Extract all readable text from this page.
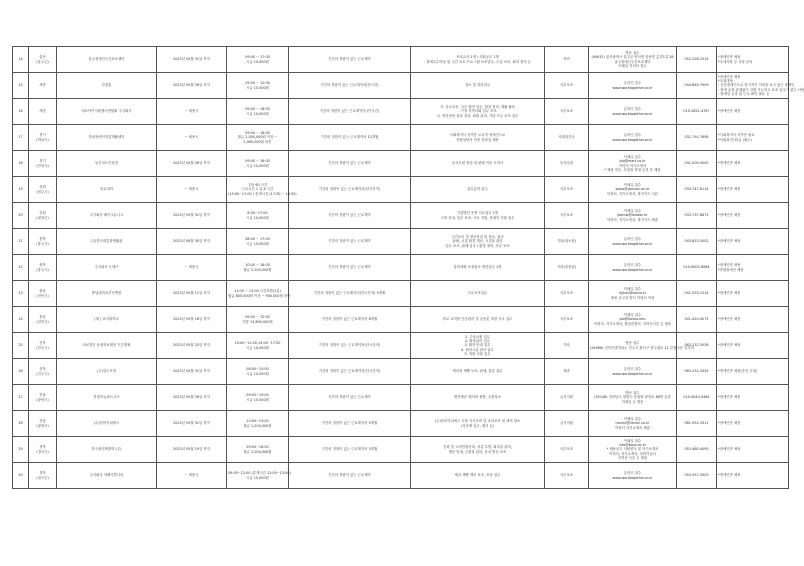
14	울산
(울주군)	울주장애인주간보호센터	2023년 05월 31일 까지	09:00 ~ 17:00
시급 10,000원	기간의 정함이 있는 근로계약	보조교사 1명 / 사회공무 1명
- 장애특수아동 및 주간 보호 프로그램 보조업무, 수업 보조, 회의 참석 등	학력	방문 접수
(44931) 울산광역시 울주군 양산면 삼남면 분경1길 28
울주장애인주간보호센터
이메일 이력서 접수	052-226-1515	*장애인만 채용
*우대사항 등 기타 문의

15	세종	한결홈	2023년 05월 26일 까지	09:00 ~ 12:00
시급 10,000원	기간의 정함이 있는 근로계약서(단시간)	청소 및 정리업무	사무보조	온라인 접수
www.worktogether.or.kr	044-863-7909	*장애인만 채용
*모집대상
- 중증장애인으로 장기적인 이력을 보고 있는 장애인
- 장애 유형 관계없이 지원 가능하고 보조 업무가 없는 사람
- 장애인 등록 및 근로 확인 필요 등

16	세종	대소아이지원센터연합회 주식회사	~ 채용시	09:00 ~ 18:00
시급 10,000원	기간의 정함이 있는 근로계약서 (단시간)	가. 사무보조, 사무 행정 업무, 월말 정리, 재활 활동
- 가정 지역사회 업무 보조
나. 방문상담 결과 정리, 회원 관리, 기타 사무 보조 업무	사무보조	온라인 접수
www.worktogether.or.kr	010-2851-4767	*장애인만 채용

17	경기
(하남시)	하남장애인직업재활센터	~ 채용시	09:00 ~ 18:00
월급 2,000,000원 이상 ~
2,060,000원 미만	기간의 정함이 있는 근로계약서 12개월	사회복지사 자격증 보유자 장애인으로
종합상담사 직종 상담업 채용	사회복지사	온라인 접수
www.worktogether.or.kr	031-791-7606	*사회복지사 자격증 필요
*사회복지사2급 (필수)

18	경기
(안성시)	동부마트안성점	2023년 05월 26일 까지	09:00 ~ 18:00
시급 10,000원	기간의 정함이 있는 근로계약	동사무원 영업 내 판매 이동 고객사	동사무원	이메일 접수
job@mart.co.kr
이력서 자기소개서
* 채용 직무, 사업장 명칭 등록 후 제출	031-000-0000	*장애인만 채용

19	강원
(원주시)	파로대학	~ 채용시	주당 60 시간
근로시간 1 일 8 시간
(13:00~17:00 ) 휴게시간 (17:30 ~ 18:30)	기간의 정함이 있는 근로계약서(단시간직)	업무분야 업무	사무보조	이메일 접수
sjkoo@gachon.ac.kr
이력서, 자기소개서, 복지카드 사본	033-747-8114	*장애인만 채용

20	강원
(평창군)	주식회사 레이크유니크	2023년 05월 31일 까지	8:00~17:00
시급 10,000원	기간의 정함이 있는 근로계약	기업발단 운영 사무업무 1명
고객 응대, 업무 보조, 사무 지원, 장애인 지원 업무	사무보조	이메일 접수
jobmw@leadon.kr
이력서, 자기소개서, 복지카드 제출	033-737-8873	*장애인만 채용

21	충북
(충주시)	(주)한신대통합생활관	2023년 06월 30일 까지	08:00 ~ 17:00
시급 10,000원	기간의 정함이 있는 근로계약	주간보호 및 생산작업 및 청소, 관리
판매, 시설 환경 개선, 시설물 관리
업무 보조, 판매 업무 / 환경 정비, 사무 보조	기타(청소원)	온라인 접수
www.worktogether.or.kr	043-853-0002	*장애인만 채용

22	충북
(충주시)	주식회사 우렌즈	~ 채용시	10:00 ~ 18:00
월급 2,200,000원	기간의 정함이 있는 근로계약	블록대량 포장업소 생산업무 1명	기타(출장업)	온라인 접수
www.worktogether.or.kr	010-9002-8084	*장애인만 채용
*종합장애인 채용

23	충남
(천안시)	충남대학교부속병원	2023년 05월 11일 까지	11:00 ~ 13:00 시간표별(1일)
월급 800,000원 이상 ~ 900,000원 미만	기간의 정함이 있는 근로계약서(단시간직) 3개월	사무보조업무	사무보조	이메일 접수
hjjhos@korea.kr
채용 공고상 양식 이력서 작성	041-533-1514	*장애인만 채용

24	충남
(천안시)	(재 ) 호서대학교	2023년 05월 16일 까지	09:00 ~ 12:00
연봉 13,800,000원	기간의 정함이 있는 근로계약서 8개월	학교 교직원 인증관리 및 공문분 대장 사무 업무	사무보조	이메일 접수
job@hoseo.edu
이력서, 자기소개서, 졸업증명서, 자격증사본 등 제출	041-420-4075	*장애인만 채용

25	전북
(전주시)	의료법인 동원의료재단 전주병원	2023년 05월 25일 까지	10:00~12:00,13:00~17:00
시급 10,000원	기간의 정함이 있는 근로계약서(단시간직)	1. 주차요원 업무
2. 환자관리 업무
3. 환자 안내 업무
4. 편의시설 관리 업무
5. 직원 지원 업무	기타	방문 접수
(54966) 전북특별자치도 전주시 완산구 한두평로 11 본원 2층 인사과	063-232-5036	*장애인만 채용

26	전북
(전주시)	(주)밀도브릴	2023년 05월 31일 까지	08:00~15:00
시급 10,000원	기간의 정함이 있는 근로계약서(단시간직)	제과점 제빵 보조, 판매, 물류 업무	제과	온라인 접수
www.worktogether.or.kr	063-232-3335	*장애인만 채용(중증 우대)

27	전남
(광양시)	한빛하늘파트너즈	2023년 05월 26일 까지	09:00~15:00
시급 10,000원	기간의 정함이 있는 근로계약	방문방문 배서비 품방, 주방청소	급식지원	방문 접수
(55148) 전라남도 광양시 동광양 광양로 88번 본관
이메일 등 방문	010-4043-9484	*장애인만 채용

28	전남
(광양시)	(주)한미이피에스	2023년 05월 31일 까지	10:00~14:00
월급 1,200,000원	기간의 정함이 있는 근로계약서 5개월	(주)한미이피에스 식당 식사준비 및 조리보조 및 세척 청소
(식자재 입고, 배식 등)	급식지원	이메일 접수
hanmi@hanmi.co.kr
이력서 자기소개서 제출	061-952-3311	*장애인만 채용

29	경북
(경산시)	한국폴리텍대학 (주)	2023년 05월 19일 까지	09:00~16:00
월급 2,000,000원	기간의 정함이 있는 근로계약서 3개월	전화 및 고객민원응대, 서류 수발, 회의실 관리,
방문 안내, 우편물 관리, 문서 발송 보조	사무보조	이메일 접수
info@kopo.ac.kr
* 채용공고 지원양식 및 자기소개서
이력서, 자기소개서, 경력기술서
자격증 사본 등 제출	053-460-4090	*장애인만 채용

30	경북
(칠곡군)	주식회사 착해기쁜나라	~ 채용시	09:00~12:00 (휴게시간 12:00~13:00)
시급 10,000원	기간의 정함이 있는 근로계약	제과 제빵 제조 보조, 포장 업무	사무보조	온라인 접수
www.worktogether.or.kr	053-957-5003	*장애인만 채용
